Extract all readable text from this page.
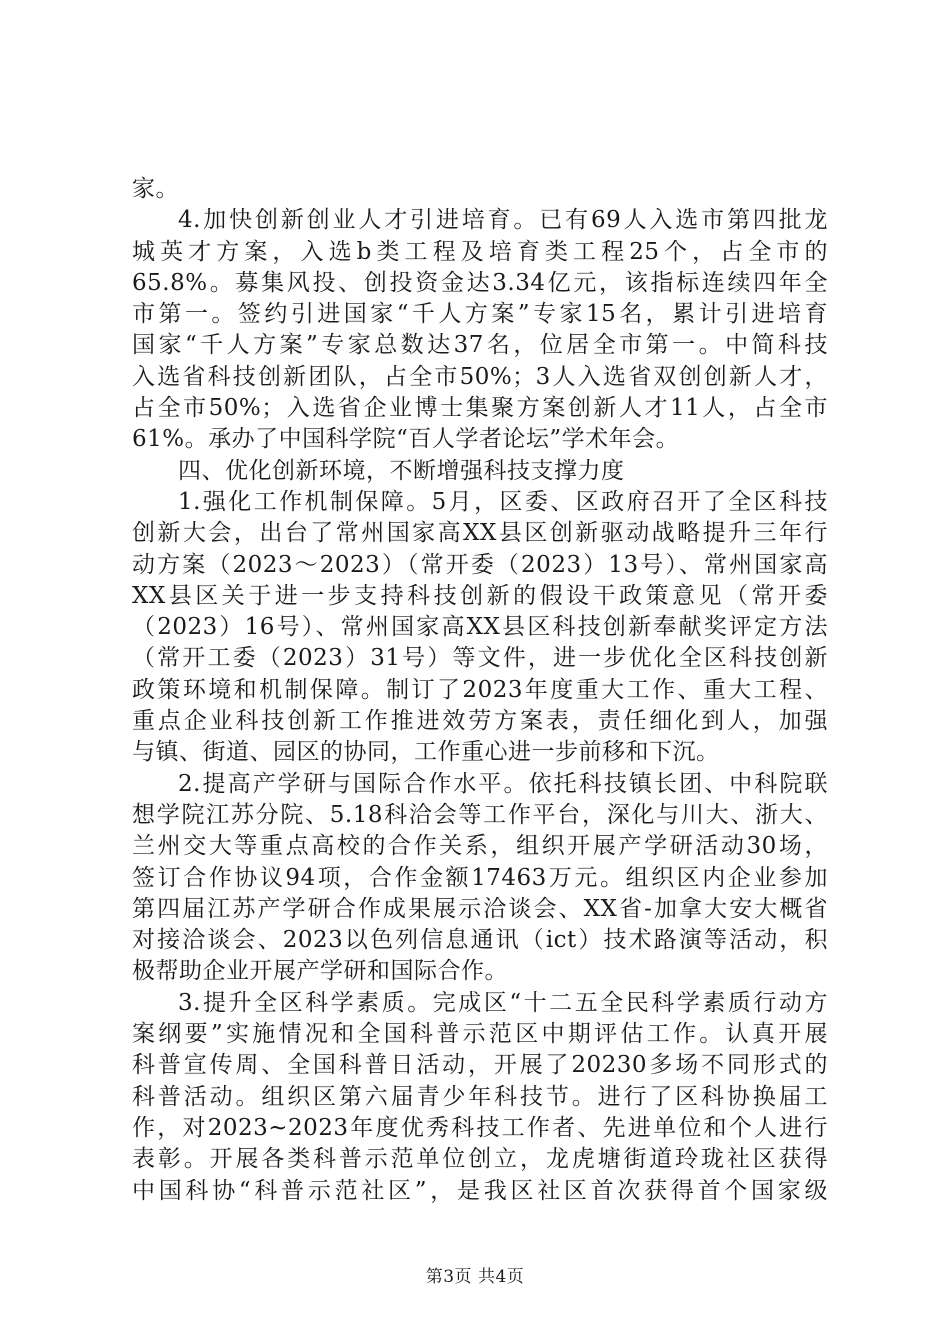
家。
4.加快创新创业人才引进培育。已有69人入选市第四批龙
城英才方案，入选b类工程及培育类工程25个，占全市的
65.8%。募集风投、创投资金达3.34亿元，该指标连续四年全
市第一。签约引进国家“千人方案”专家15名，累计引进培育
国家“千人方案”专家总数达37名，位居全市第一。中简科技
入选省科技创新团队，占全市50%；3人入选省双创创新人才，
占全市50%；入选省企业博士集聚方案创新人才11人，占全市
61%。承办了中国科学院“百人学者论坛”学术年会。
四、优化创新环境，不断增强科技支撑力度
1.强化工作机制保障。5月，区委、区政府召开了全区科技
创新大会，出台了常州国家高XX县区创新驱动战略提升三年行
动方案（2023～2023）（常开委（2023）13号）、常州国家高
XX县区关于进一步支持科技创新的假设干政策意见（常开委
（2023）16号）、常州国家高XX县区科技创新奉献奖评定方法
（常开工委（2023）31号）等文件，进一步优化全区科技创新
政策环境和机制保障。制订了2023年度重大工作、重大工程、
重点企业科技创新工作推进效劳方案表，责任细化到人，加强
与镇、街道、园区的协同，工作重心进一步前移和下沉。
2.提高产学研与国际合作水平。依托科技镇长团、中科院联
想学院江苏分院、5.18科洽会等工作平台，深化与川大、浙大、
兰州交大等重点高校的合作关系，组织开展产学研活动30场，
签订合作协议94项，合作金额17463万元。组织区内企业参加
第四届江苏产学研合作成果展示洽谈会、XX省-加拿大安大概省
对接洽谈会、2023以色列信息通讯（ict）技术路演等活动，积
极帮助企业开展产学研和国际合作。
3.提升全区科学素质。完成区“十二五全民科学素质行动方
案纲要”实施情况和全国科普示范区中期评估工作。认真开展
科普宣传周、全国科普日活动，开展了20230多场不同形式的
科普活动。组织区第六届青少年科技节。进行了区科协换届工
作，对2023~2023年度优秀科技工作者、先进单位和个人进行
表彰。开展各类科普示范单位创立，龙虎塘街道玲珑社区获得
中国科协“科普示范社区”，是我区社区首次获得首个国家级
第3页 共4页
